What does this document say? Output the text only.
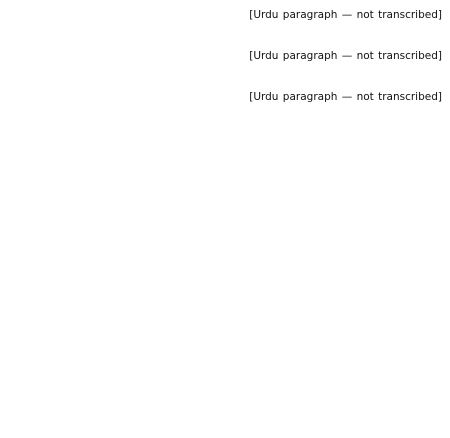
[Urdu paragraph — not transcribed]

[Urdu paragraph — not transcribed]

[Urdu paragraph — not transcribed]
